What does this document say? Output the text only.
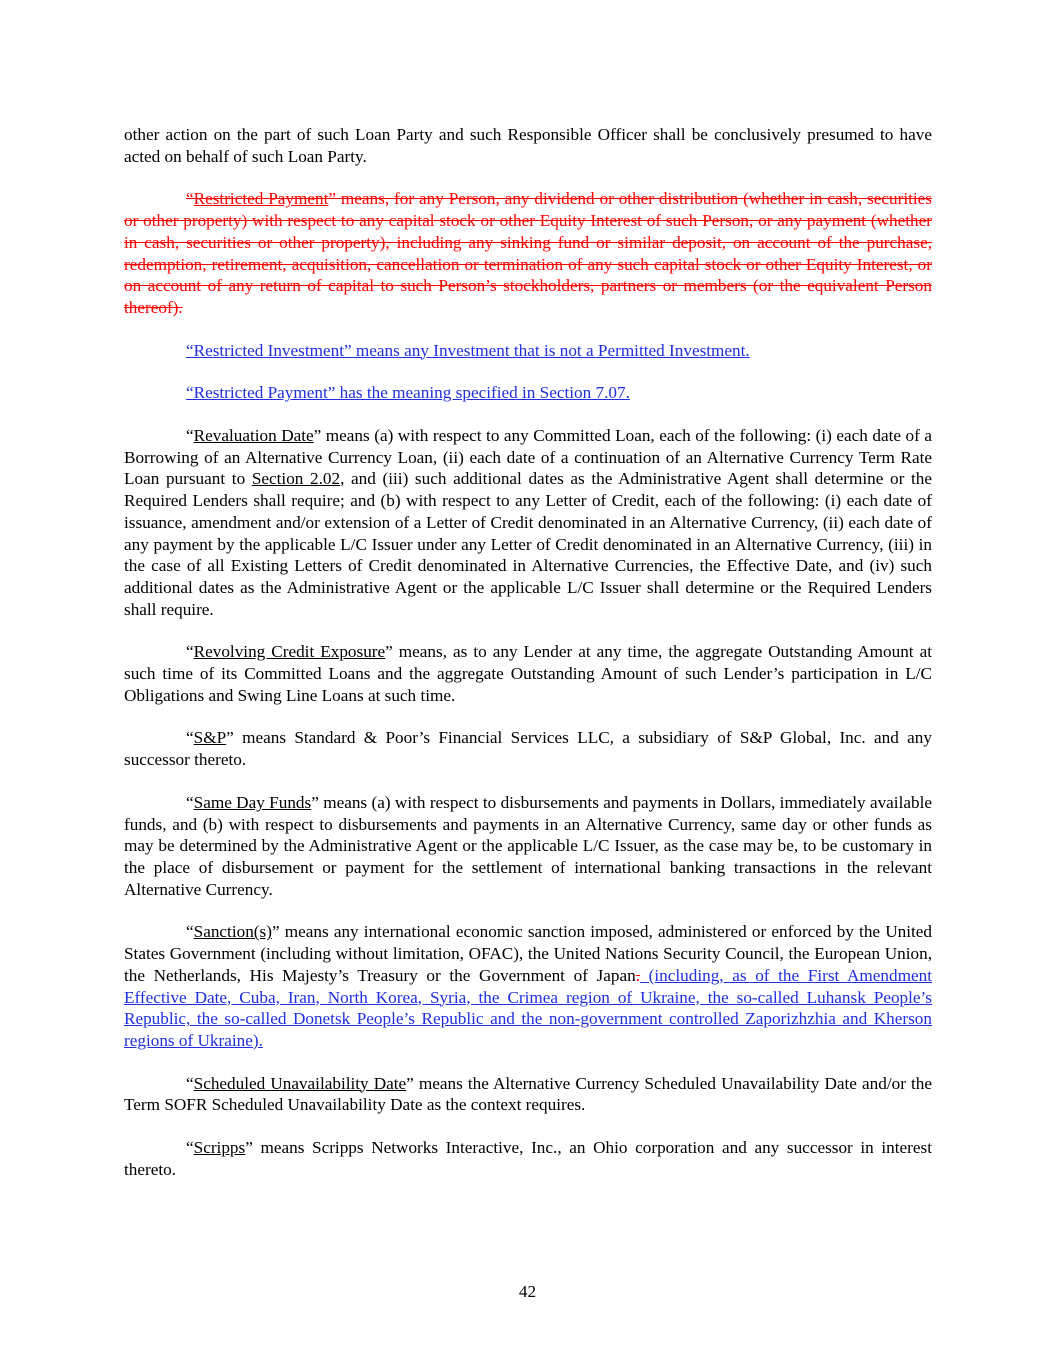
other action on the part of such Loan Party and such Responsible Officer shall be conclusively presumed to have acted on behalf of such Loan Party.

“Restricted Payment” means, for any Person, any dividend or other distribution (whether in cash, securities or other property) with respect to any capital stock or other Equity Interest of such Person, or any payment (whether in cash, securities or other property), including any sinking fund or similar deposit, on account of the purchase, redemption, retirement, acquisition, cancellation or termination of any such capital stock or other Equity Interest, or on account of any return of capital to such Person’s stockholders, partners or members (or the equivalent Person thereof).

“Restricted Investment” means any Investment that is not a Permitted Investment.

“Restricted Payment” has the meaning specified in Section 7.07.

“Revaluation Date” means (a) with respect to any Committed Loan, each of the following: (i) each date of a Borrowing of an Alternative Currency Loan, (ii) each date of a continuation of an Alternative Currency Term Rate Loan pursuant to Section 2.02, and (iii) such additional dates as the Administrative Agent shall determine or the Required Lenders shall require; and (b) with respect to any Letter of Credit, each of the following: (i) each date of issuance, amendment and/or extension of a Letter of Credit denominated in an Alternative Currency, (ii) each date of any payment by the applicable L/C Issuer under any Letter of Credit denominated in an Alternative Currency, (iii) in the case of all Existing Letters of Credit denominated in Alternative Currencies, the Effective Date, and (iv) such additional dates as the Administrative Agent or the applicable L/C Issuer shall determine or the Required Lenders shall require.

“Revolving Credit Exposure” means, as to any Lender at any time, the aggregate Outstanding Amount at such time of its Committed Loans and the aggregate Outstanding Amount of such Lender’s participation in L/C Obligations and Swing Line Loans at such time.

“S&P” means Standard & Poor’s Financial Services LLC, a subsidiary of S&P Global, Inc. and any successor thereto.

“Same Day Funds” means (a) with respect to disbursements and payments in Dollars, immediately available funds, and (b) with respect to disbursements and payments in an Alternative Currency, same day or other funds as may be determined by the Administrative Agent or the applicable L/C Issuer, as the case may be, to be customary in the place of disbursement or payment for the settlement of international banking transactions in the relevant Alternative Currency.

“Sanction(s)” means any international economic sanction imposed, administered or enforced by the United States Government (including without limitation, OFAC), the United Nations Security Council, the European Union, the Netherlands, His Majesty’s Treasury or the Government of Japan. (including, as of the First Amendment Effective Date, Cuba, Iran, North Korea, Syria, the Crimea region of Ukraine, the so-called Luhansk People’s Republic, the so-called Donetsk People’s Republic and the non-government controlled Zaporizhzhia and Kherson regions of Ukraine).

“Scheduled Unavailability Date” means the Alternative Currency Scheduled Unavailability Date and/or the Term SOFR Scheduled Unavailability Date as the context requires.

“Scripps” means Scripps Networks Interactive, Inc., an Ohio corporation and any successor in interest thereto.

42
